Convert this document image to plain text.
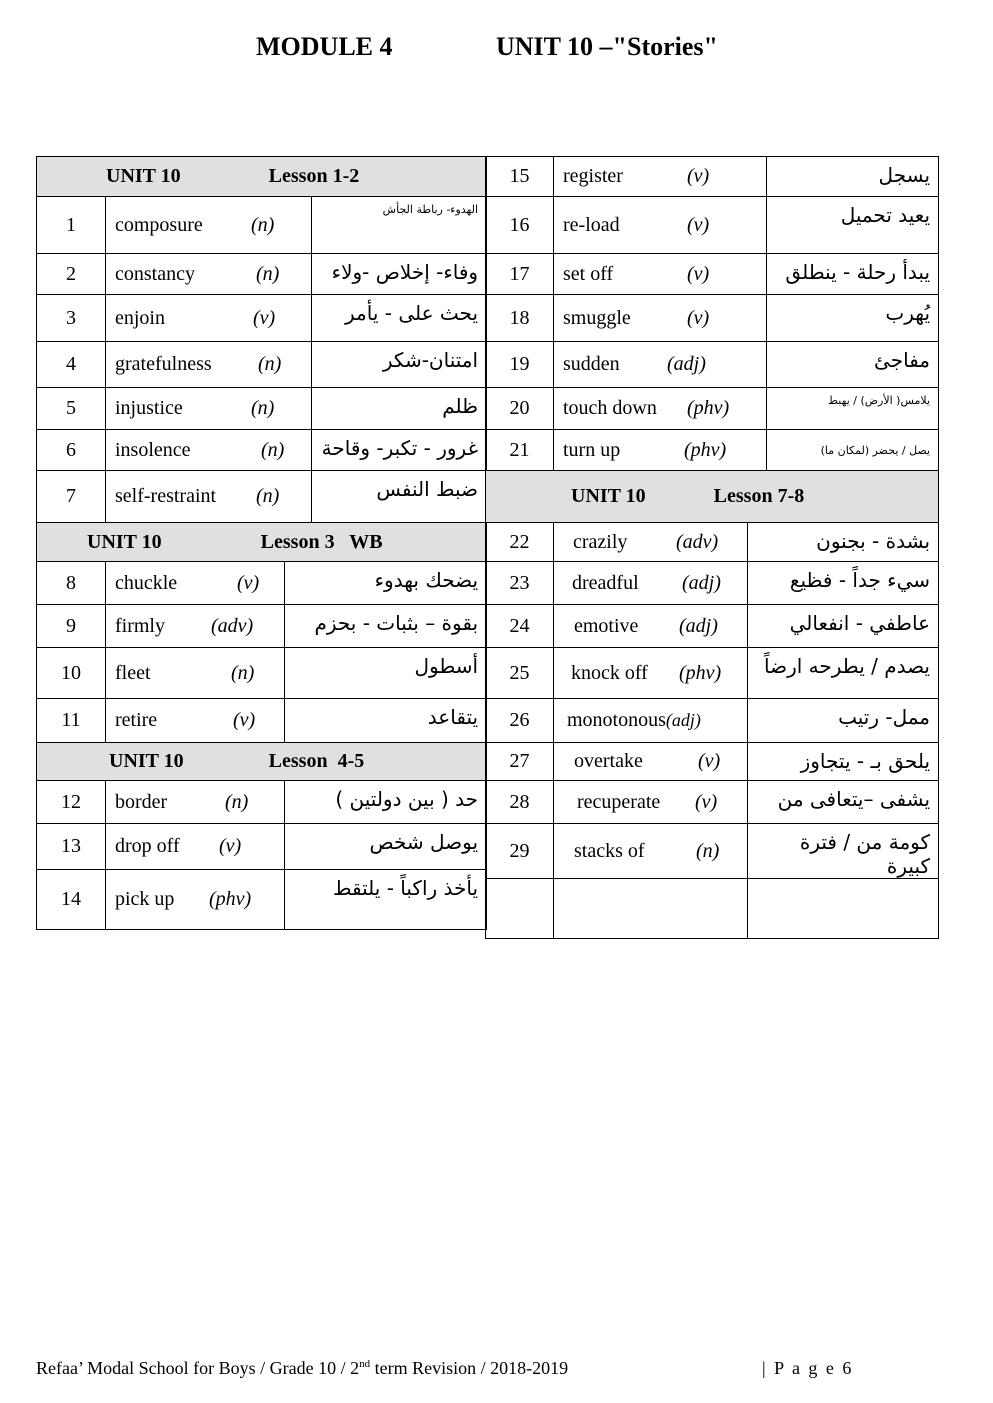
MODULE 4	UNIT 10 –"Stories"
UNIT 10 Lesson 1-2			
1	composure (n)		الهدوء- رباطة الجأش
2	constancy (n)		وفاء- إخلاص -ولاء
3	enjoin (v)		يحث على - يأمر
4	gratefulness (n)		امتنان-شكر
5	injustice (n)		ظلم
6	insolence (n)		غرور - تكبر- وقاحة
7	self-restraint (n)		ضبط النفس
UNIT 10 Lesson 3   WB			
8	chuckle (v)	يضحك بهدوء	
9	firmly (adv)	بقوة – بثبات - بحزم	
10	fleet (n)	أسطول	
11	retire (v)	يتقاعد	
UNIT 10 Lesson  4-5			
12	border (n)	حد ( بين دولتين )	
13	drop off (v)	يوصل شخص	
14	pick up (phv)	يأخذ راكباً - يلتقط	
15	register (v)		يسجل
16	re-load (v)		يعيد تحميل
17	set off (v)		يبدأ رحلة - ينطلق
18	smuggle (v)		يُهرب
19	sudden (adj)		مفاجئ
20	touch down (phv)		يلامس( الأرض) / يهبط
21	turn up (phv)		يصل / يحضر (لمكان ما)
UNIT 10 Lesson 7-8			
22	crazily (adv)	بشدة - بجنون	
23	dreadful (adj)	سيء جداً - فظيع	
24	emotive (adj)	عاطفي - انفعالي	
25	knock off (phv)	يصدم / يطرحه ارضاً	
26	monotonous(adj)	ممل- رتيب	
27	overtake (v)	يلحق بـ - يتجاوز	
28	recuperate (v)	يشفى –يتعافى من	
29	stacks of (n)	كومة من / فترة كبيرة	

Refaa’ Modal School for Boys / Grade 10 / 2nd term Revision / 2018-2019	| P a g e 6
